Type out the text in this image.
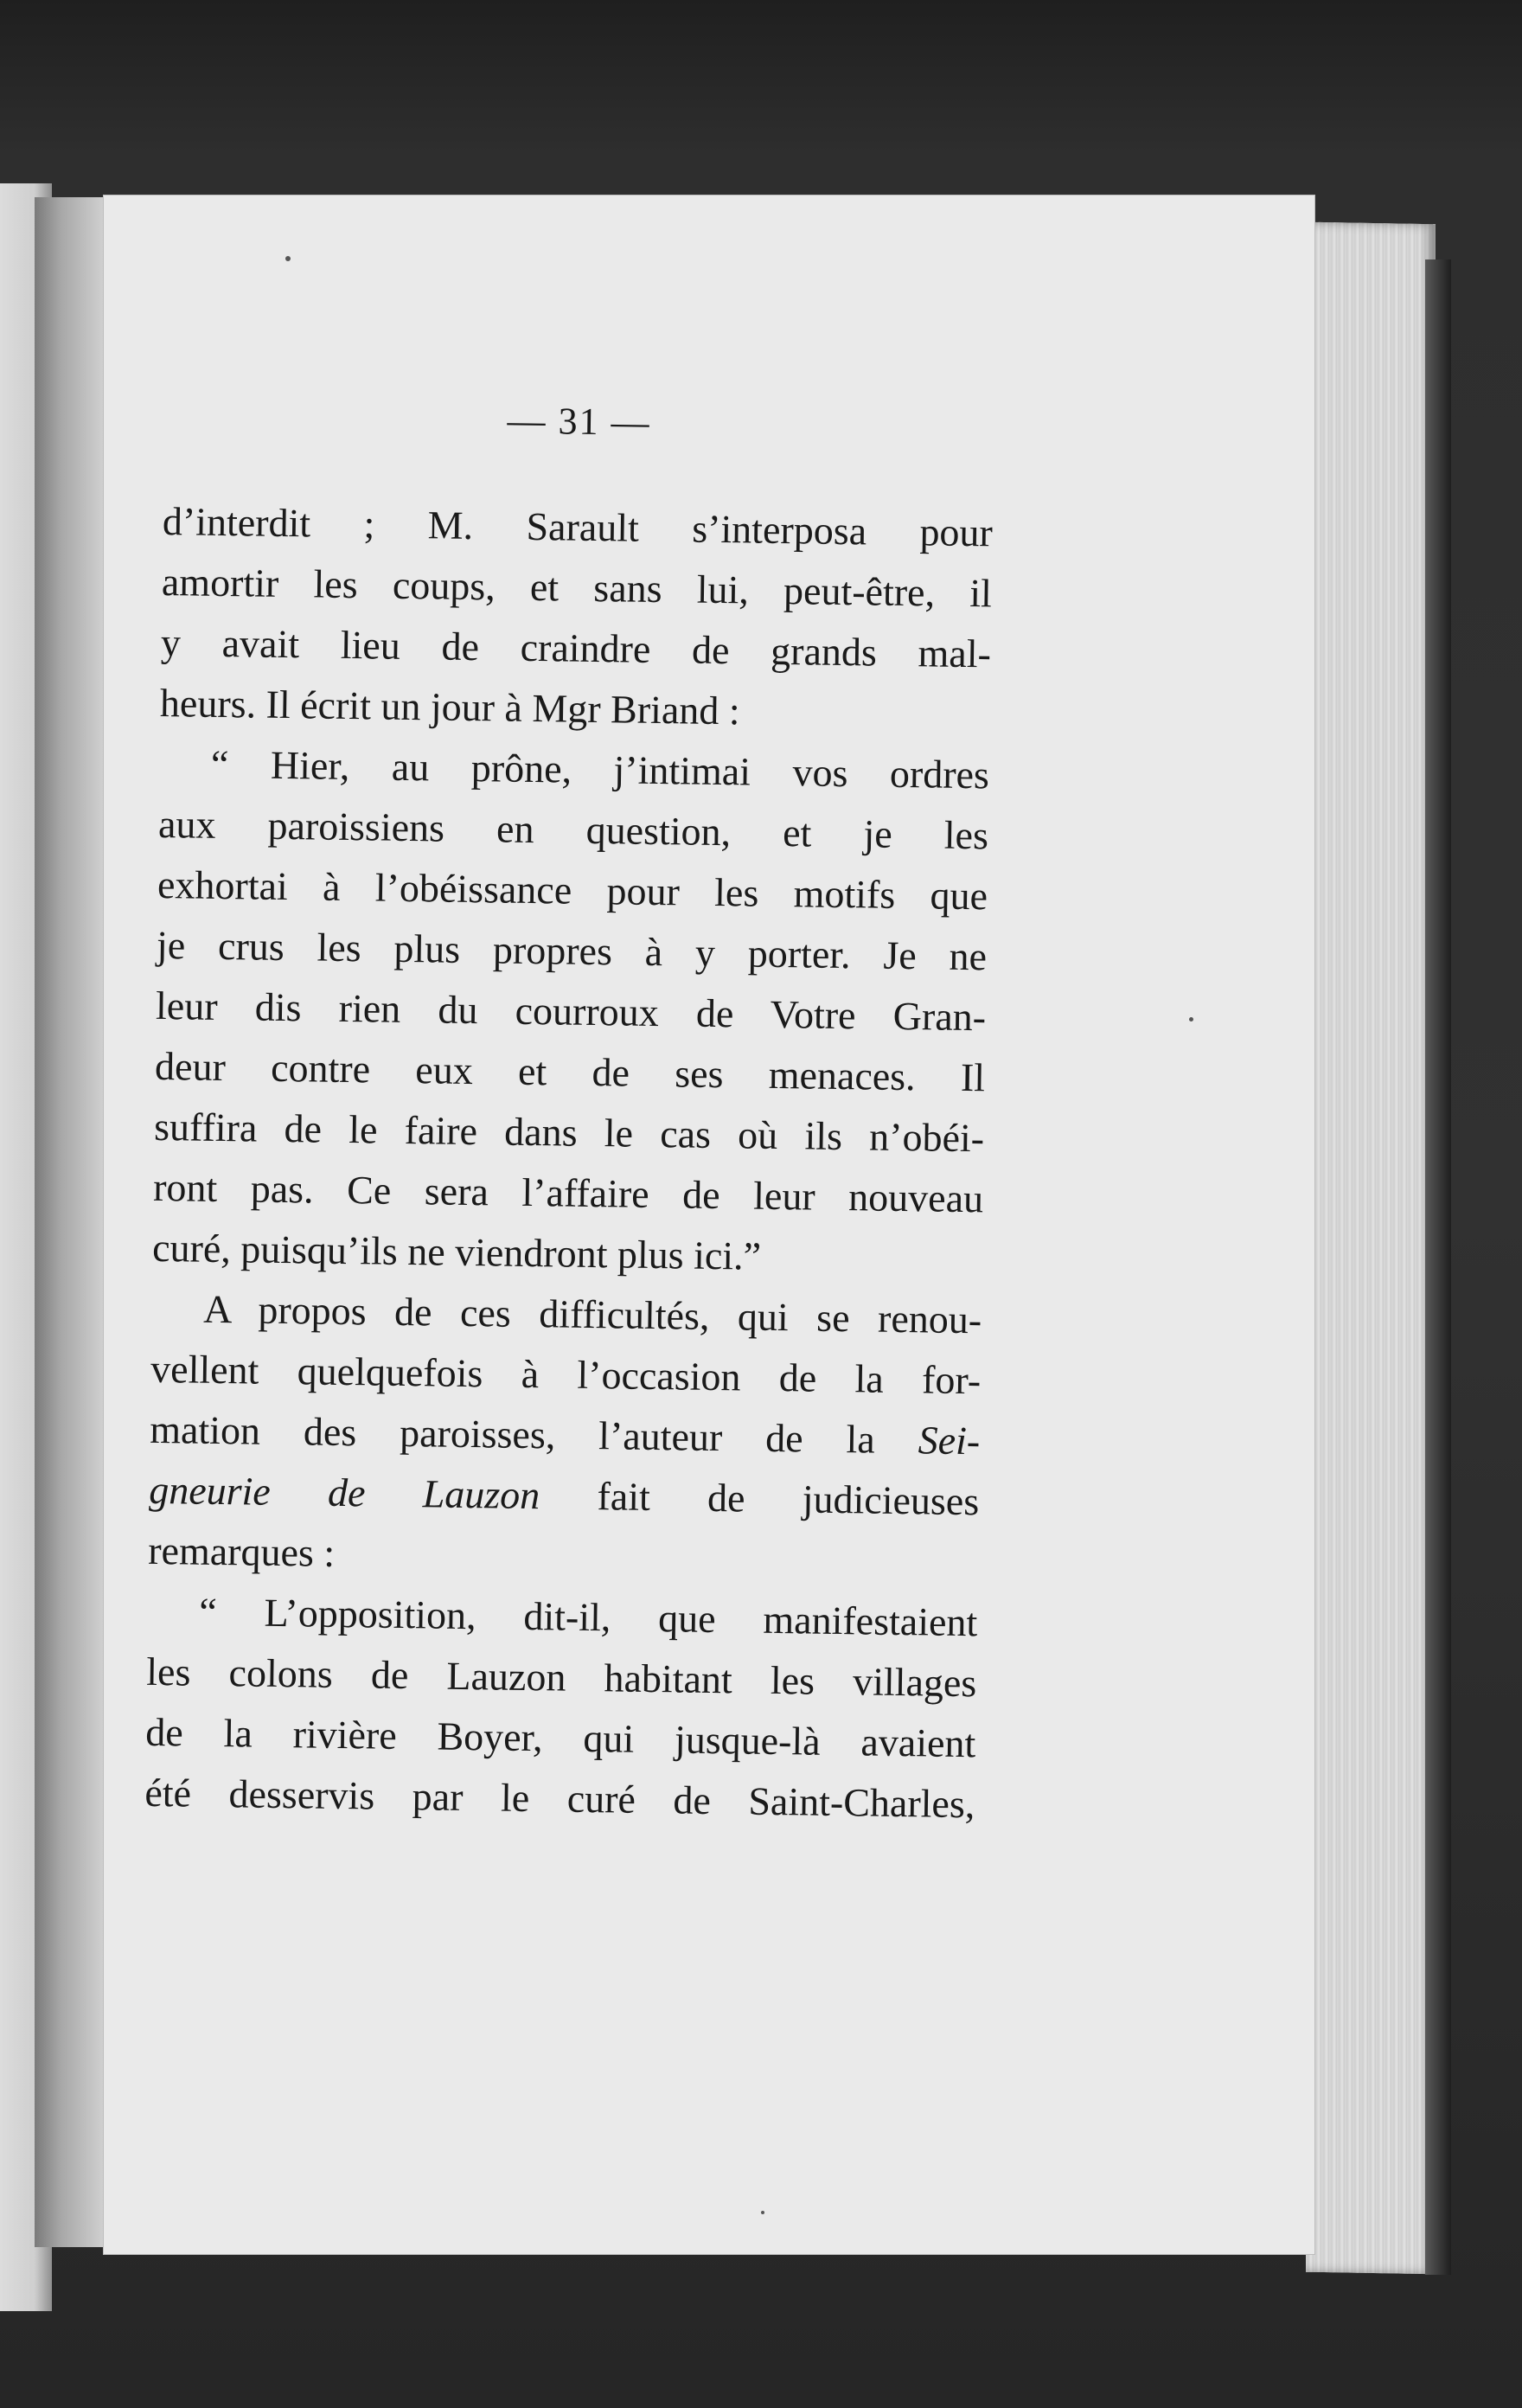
— 31 —
d’interdit ; M. Sarault s’interposa pour
amortir les coups, et sans lui, peut-être, il
y avait lieu de craindre de grands mal-
heurs. Il écrit un jour à Mgr Briand :
“ Hier, au prône, j’intimai vos ordres
aux paroissiens en question, et je les
exhortai à l’obéissance pour les motifs que
je crus les plus propres à y porter. Je ne
leur dis rien du courroux de Votre Gran-
deur contre eux et de ses menaces. Il
suffira de le faire dans le cas où ils n’obéi-
ront pas. Ce sera l’affaire de leur nouveau
curé, puisqu’ils ne viendront plus ici.”
A propos de ces difficultés, qui se renou-
vellent quelquefois à l’occasion de la for-
mation des paroisses, l’auteur de la Sei-
gneurie de Lauzon fait de judicieuses
remarques :
“ L’opposition, dit-il, que manifestaient
les colons de Lauzon habitant les villages
de la rivière Boyer, qui jusque-là avaient
été desservis par le curé de Saint-Charles,
